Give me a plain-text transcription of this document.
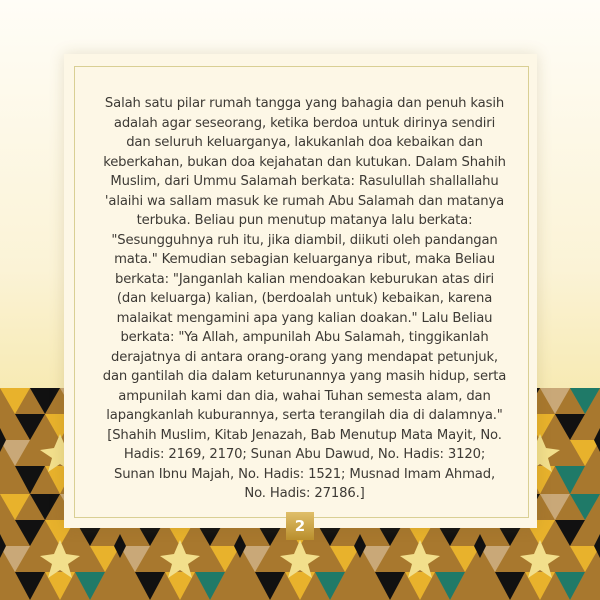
Salah satu pilar rumah tangga yang bahagia dan penuh kasih adalah agar seseorang, ketika berdoa untuk dirinya sendiri dan seluruh keluarganya, lakukanlah doa kebaikan dan keberkahan, bukan doa kejahatan dan kutukan. Dalam Shahih Muslim, dari Ummu Salamah berkata: Rasulullah shallallahu 'alaihi wa sallam masuk ke rumah Abu Salamah dan matanya terbuka. Beliau pun menutup matanya lalu berkata: "Sesungguhnya ruh itu, jika diambil, diikuti oleh pandangan mata." Kemudian sebagian keluarganya ribut, maka Beliau berkata: "Janganlah kalian mendoakan keburukan atas diri (dan keluarga) kalian, (berdoalah untuk) kebaikan, karena malaikat mengamini apa yang kalian doakan." Lalu Beliau berkata: "Ya Allah, ampunilah Abu Salamah, tinggikanlah derajatnya di antara orang-orang yang mendapat petunjuk, dan gantilah dia dalam keturunannya yang masih hidup, serta ampunilah kami dan dia, wahai Tuhan semesta alam, dan lapangkanlah kuburannya, serta terangilah dia di dalamnya." [Shahih Muslim, Kitab Jenazah, Bab Menutup Mata Mayit, No. Hadis: 2169, 2170; Sunan Abu Dawud, No. Hadis: 3120; Sunan Ibnu Majah, No. Hadis: 1521; Musnad Imam Ahmad, No. Hadis: 27186.]
2
